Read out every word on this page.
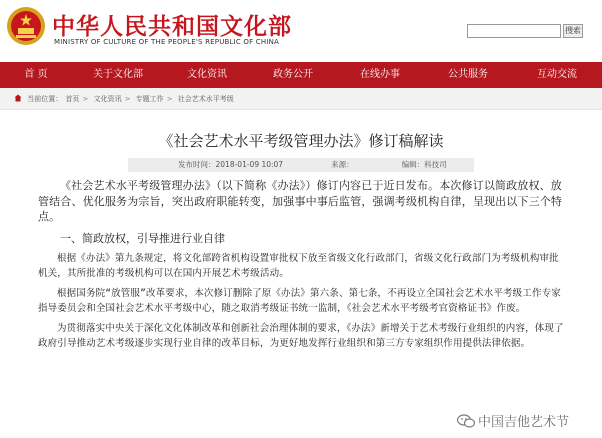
中华人民共和国文化部
MINISTRY OF CULTURE OF THE PEOPLE'S REPUBLIC OF CHINA
搜索
首 页	关于文化部	文化资讯	政务公开	在线办事	公共服务	互动交流
当前位置： 首页 > 文化资讯 > 专题工作 > 社会艺术水平考级
《社会艺术水平考级管理办法》修订稿解读
发布时间：2018-01-09 10:07	来源：	编辑：科技司

《社会艺术水平考级管理办法》（以下简称《办法》）修订内容已于近日发布。本次修订以简政放权、放管结合、优化服务为宗旨，突出政府职能转变，加强事中事后监管，强调考级机构自律，呈现出以下三个特点。

一、简政放权，引导推进行业自律

根据《办法》第九条规定，将文化部跨省机构设置审批权下放至省级文化行政部门，省级文化行政部门为考级机构审批机关，其所批准的考级机构可以在国内开展艺术考级活动。

根据国务院“放管服”改革要求，本次修订删除了原《办法》第六条、第七条，不再设立全国社会艺术水平考级工作专家指导委员会和全国社会艺术水平考级中心，随之取消考级证书统一监制，《社会艺术水平考级考官资格证书》作废。

为贯彻落实中央关于深化文化体制改革和创新社会治理体制的要求，《办法》新增关于艺术考级行业组织的内容，体现了政府引导推动艺术考级逐步实现行业自律的改革目标，为更好地发挥行业组织和第三方专家组织作用提供法律依据。

中国吉他艺术节
